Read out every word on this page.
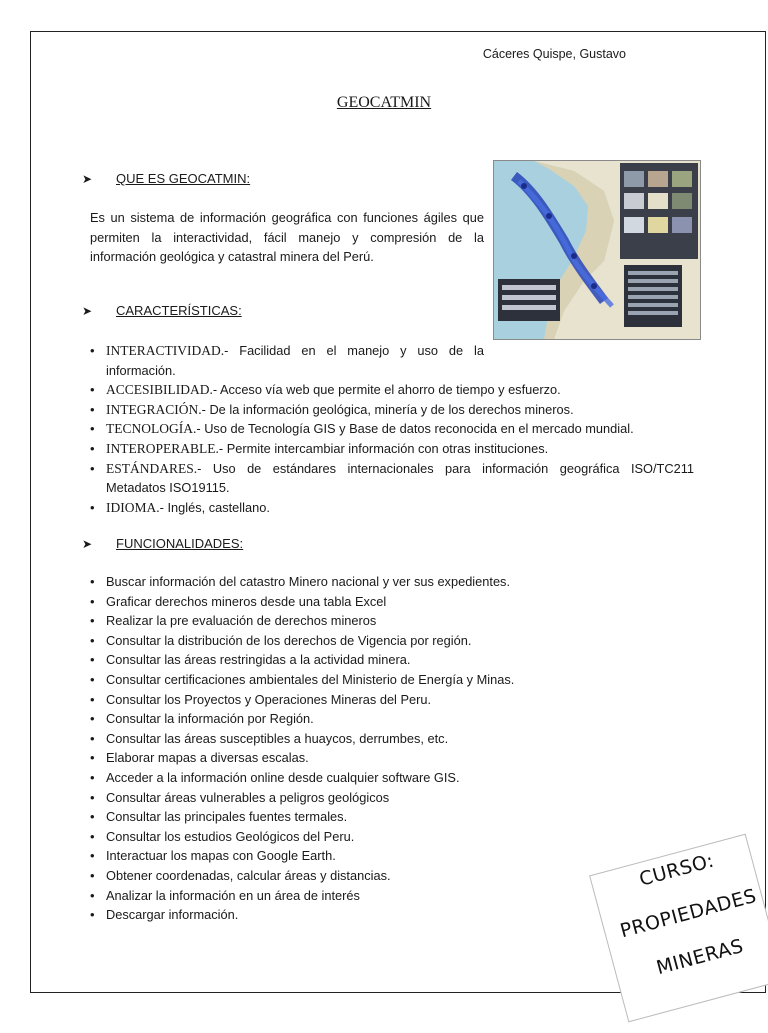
Cáceres Quispe, Gustavo
GEOCATMIN
➤ QUE ES GEOCATMIN:
Es un sistema de información geográfica con funciones ágiles que permiten la interactividad, fácil manejo y compresión de la información geológica y catastral minera del Perú.
➤ CARACTERÍSTICAS:
• INTERACTIVIDAD.- Facilidad en el manejo y uso de la información.
• ACCESIBILIDAD.- Acceso vía web que permite el ahorro de tiempo y esfuerzo.
• INTEGRACIÓN.- De la información geológica, minería y de los derechos mineros.
• TECNOLOGÍA.- Uso de Tecnología GIS y Base de datos reconocida en el mercado mundial.
• INTEROPERABLE.- Permite intercambiar información con otras instituciones.
• ESTÁNDARES.- Uso de estándares internacionales para información geográfica ISO/TC211 Metadatos ISO19115.
• IDIOMA.- Inglés, castellano.
➤ FUNCIONALIDADES:
• Buscar información del catastro Minero nacional y ver sus expedientes.
• Graficar derechos mineros desde una tabla Excel
• Realizar la pre evaluación de derechos mineros
• Consultar la distribución de los derechos de Vigencia por región.
• Consultar las áreas restringidas a la actividad minera.
• Consultar certificaciones ambientales del Ministerio de Energía y Minas.
• Consultar los Proyectos y Operaciones Mineras del Peru.
• Consultar la información por Región.
• Consultar las áreas susceptibles a huaycos, derrumbes, etc.
• Elaborar mapas a diversas escalas.
• Acceder a la información online desde cualquier software GIS.
• Consultar áreas vulnerables a peligros geológicos
• Consultar las principales fuentes termales.
• Consultar los estudios Geológicos del Peru.
• Interactuar los mapas con Google Earth.
• Obtener coordenadas, calcular áreas y distancias.
• Analizar la información en un área de interés
• Descargar información.
CURSO:
PROPIEDADES
MINERAS
